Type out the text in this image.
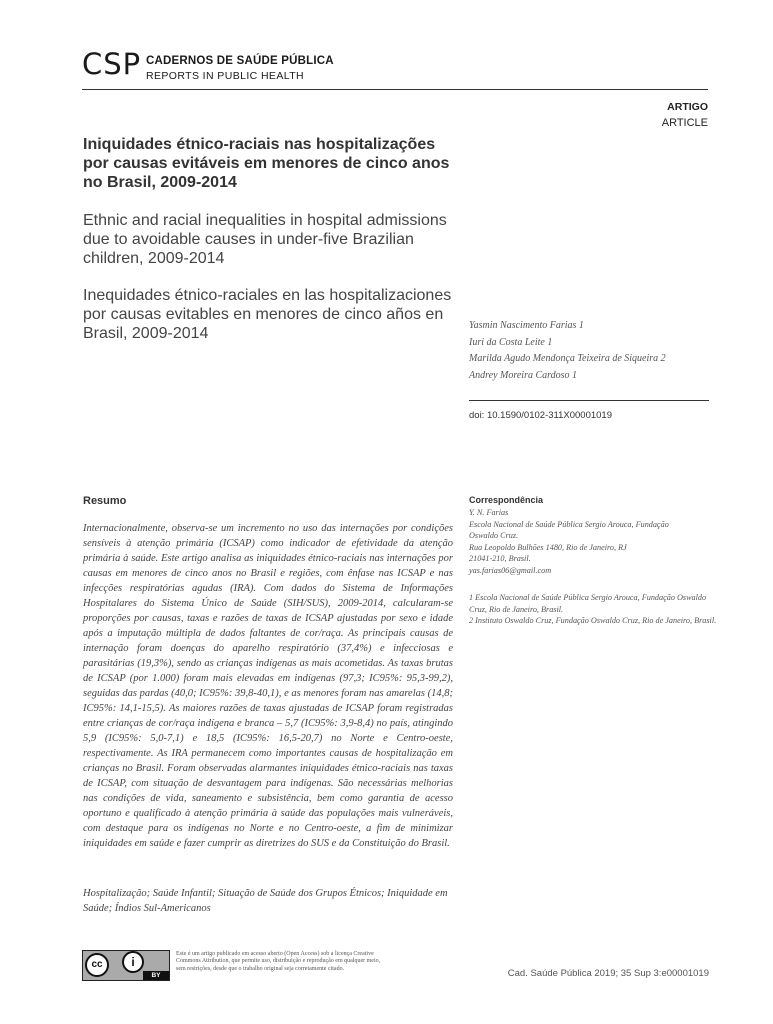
CSP CADERNOS DE SAÚDE PÚBLICA
REPORTS IN PUBLIC HEALTH
ARTIGO
ARTICLE
Iniquidades étnico-raciais nas hospitalizações por causas evitáveis em menores de cinco anos no Brasil, 2009-2014
Ethnic and racial inequalities in hospital admissions due to avoidable causes in under-five Brazilian children, 2009-2014
Inequidades étnico-raciales en las hospitalizaciones por causas evitables en menores de cinco años en Brasil, 2009-2014	Yasmin Nascimento Farias 1
Iuri da Costa Leite 1
Marilda Agudo Mendonça Teixeira de Siqueira 2
Andrey Moreira Cardoso 1
doi: 10.1590/0102-311X00001019
Resumo
Internacionalmente, observa-se um incremento no uso das internações por condições sensíveis à atenção primária (ICSAP) como indicador de efetividade da atenção primária à saúde. Este artigo analisa as iniquidades étnico-raciais nas internações por causas em menores de cinco anos no Brasil e regiões, com ênfase nas ICSAP e nas infecções respiratórias agudas (IRA). Com dados do Sistema de Informações Hospitalares do Sistema Único de Saúde (SIH/SUS), 2009-2014, calcularam-se proporções por causas, taxas e razões de taxas de ICSAP ajustadas por sexo e idade após a imputação múltipla de dados faltantes de cor/raça. As principais causas de internação foram doenças do aparelho respiratório (37,4%) e infecciosas e parasitárias (19,3%), sendo as crianças indígenas as mais acometidas. As taxas brutas de ICSAP (por 1.000) foram mais elevadas em indígenas (97,3; IC95%: 95,3-99,2), seguidas das pardas (40,0; IC95%: 39,8-40,1), e as menores foram nas amarelas (14,8; IC95%: 14,1-15,5). As maiores razões de taxas ajustadas de ICSAP foram registradas entre crianças de cor/raça indígena e branca – 5,7 (IC95%: 3,9-8,4) no país, atingindo 5,9 (IC95%: 5,0-7,1) e 18,5 (IC95%: 16,5-20,7) no Norte e Centro-oeste, respectivamente. As IRA permanecem como importantes causas de hospitalização em crianças no Brasil. Foram observadas alarmantes iniquidades étnico-raciais nas taxas de ICSAP, com situação de desvantagem para indígenas. São necessárias melhorias nas condições de vida, saneamento e subsistência, bem como garantia de acesso oportuno e qualificado à atenção primária à saúde das populações mais vulneráveis, com destaque para os indígenas no Norte e no Centro-oeste, a fim de minimizar iniquidades em saúde e fazer cumprir as diretrizes do SUS e da Constituição do Brasil.
Hospitalização; Saúde Infantil; Situação de Saúde dos Grupos Étnicos; Iniquidade em Saúde; Índios Sul-Americanos
Correspondência
Y. N. Farias
Escola Nacional de Saúde Pública Sergio Arouca, Fundação
Oswaldo Cruz.
Rua Leopoldo Bulhões 1480, Rio de Janeiro, RJ
21041-210, Brasil.
yas.farias06@gmail.com

1 Escola Nacional de Saúde Pública Sergio Arouca, Fundação Oswaldo Cruz, Rio de Janeiro, Brasil.

2 Instituto Oswaldo Cruz, Fundação Oswaldo Cruz, Rio de Janeiro, Brasil.

cc	i
BY
Este é um artigo publicado em acesso aberto (Open Access) sob a licença Creative Commons Attribution, que permite uso, distribuição e reprodução em qualquer meio, sem restrições, desde que o trabalho original seja corretamente citado.	Cad. Saúde Pública 2019; 35 Sup 3:e00001019
